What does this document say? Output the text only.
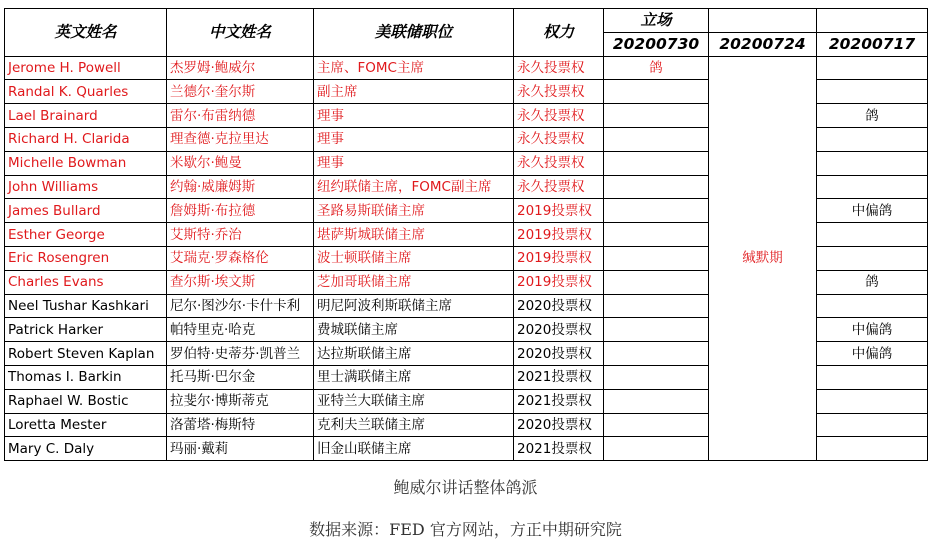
英文姓名	中文姓名	美联储职位	权力	立场		
				20200730	20200724	20200717
Jerome H. Powell	杰罗姆·鲍威尔	主席、FOMC主席	永久投票权	鸽	缄默期	
Randal K. Quarles	兰德尔·奎尔斯	副主席	永久投票权			
Lael Brainard	雷尔·布雷纳德	理事	永久投票权			鸽
Richard H. Clarida	理查德·克拉里达	理事	永久投票权			
Michelle Bowman	米歇尔·鲍曼	理事	永久投票权			
John Williams	约翰·威廉姆斯	纽约联储主席，FOMC副主席	永久投票权			
James Bullard	詹姆斯·布拉德	圣路易斯联储主席	2019投票权			中偏鸽
Esther George	艾斯特·乔治	堪萨斯城联储主席	2019投票权			
Eric Rosengren	艾瑞克·罗森格伦	波士顿联储主席	2019投票权			
Charles Evans	查尔斯·埃文斯	芝加哥联储主席	2019投票权			鸽
Neel Tushar Kashkari	尼尔·图沙尔·卡什卡利	明尼阿波利斯联储主席	2020投票权			
Patrick Harker	帕特里克·哈克	费城联储主席	2020投票权			中偏鸽
Robert Steven Kaplan	罗伯特·史蒂芬·凯普兰	达拉斯联储主席	2020投票权			中偏鸽
Thomas I. Barkin	托马斯·巴尔金	里士满联储主席	2021投票权			
Raphael W. Bostic	拉斐尔·博斯蒂克	亚特兰大联储主席	2021投票权			
Loretta Mester	洛蕾塔·梅斯特	克利夫兰联储主席	2020投票权			
Mary C. Daly	玛丽·戴莉	旧金山联储主席	2021投票权			
鲍威尔讲话整体鸽派
数据来源：FED 官方网站，方正中期研究院
